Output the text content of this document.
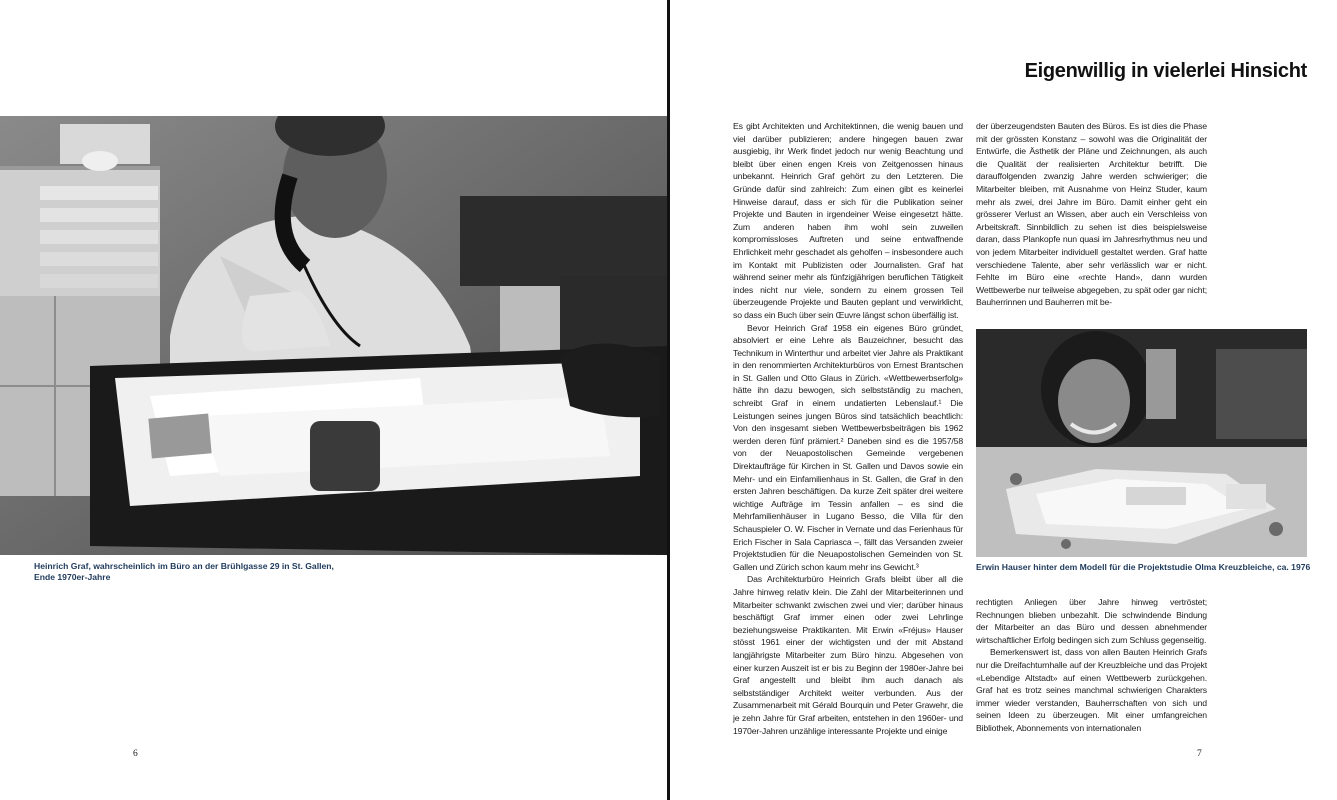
Heinrich Graf, wahrscheinlich im Büro an der Brühlgasse 29 in St. Gallen, Ende 1970er-Jahre
6
Eigenwillig in vielerlei Hinsicht

Es gibt Architekten und Architektinnen, die wenig bauen und viel darüber publizieren; andere hingegen bauen zwar ausgiebig, ihr Werk findet jedoch nur wenig Beachtung und bleibt über einen engen Kreis von Zeitgenossen hinaus unbekannt. Heinrich Graf gehört zu den Letzteren. Die Gründe dafür sind zahlreich: Zum einen gibt es keinerlei Hinweise darauf, dass er sich für die Publikation seiner Projekte und Bauten in irgendeiner Weise eingesetzt hätte. Zum anderen haben ihm wohl sein zuweilen kompromissloses Auftreten und seine entwaffnende Ehrlichkeit mehr geschadet als geholfen – insbesondere auch im Kontakt mit Publizisten oder Journalisten. Graf hat während seiner mehr als fünfzigjährigen beruflichen Tätigkeit indes nicht nur viele, sondern zu einem grossen Teil überzeugende Projekte und Bauten geplant und verwirklicht, so dass ein Buch über sein Œuvre längst schon überfällig ist.

Bevor Heinrich Graf 1958 ein eigenes Büro gründet, absolviert er eine Lehre als Bauzeichner, besucht das Technikum in Winterthur und arbeitet vier Jahre als Praktikant in den renommierten Architekturbüros von Ernest Brantschen in St. Gallen und Otto Glaus in Zürich. «Wettbewerbserfolg» hätte ihn dazu bewogen, sich selbstständig zu machen, schreibt Graf in einem undatierten Lebenslauf.¹ Die Leistungen seines jungen Büros sind tatsächlich beachtlich: Von den insgesamt sieben Wettbewerbsbeiträgen bis 1962 werden deren fünf prämiert.² Daneben sind es die 1957/58 von der Neuapostolischen Gemeinde vergebenen Direktaufträge für Kirchen in St. Gallen und Davos sowie ein Mehr- und ein Einfamilienhaus in St. Gallen, die Graf in den ersten Jahren beschäftigen. Da kurze Zeit später drei weitere wichtige Aufträge im Tessin anfallen – es sind die Mehrfamilienhäuser in Lugano Besso, die Villa für den Schauspieler O. W. Fischer in Vernate und das Ferienhaus für Erich Fischer in Sala Capriasca –, fällt das Versanden zweier Projektstudien für die Neuapostolischen Gemeinden von St. Gallen und Zürich schon kaum mehr ins Gewicht.³

Das Architekturbüro Heinrich Grafs bleibt über all die Jahre hinweg relativ klein. Die Zahl der Mitarbeiterinnen und Mitarbeiter schwankt zwischen zwei und vier; darüber hinaus beschäftigt Graf immer einen oder zwei Lehrlinge beziehungsweise Praktikanten. Mit Erwin «Fréjus» Hauser stösst 1961 einer der wichtigsten und der mit Abstand langjährigste Mitarbeiter zum Büro hinzu. Abgesehen von einer kurzen Auszeit ist er bis zu Beginn der 1980er-Jahre bei Graf angestellt und bleibt ihm auch danach als selbstständiger Architekt weiter verbunden. Aus der Zusammenarbeit mit Gérald Bourquin und Peter Grawehr, die je zehn Jahre für Graf arbeiten, entstehen in den 1960er- und 1970er-Jahren unzählige interessante Projekte und einige

der überzeugendsten Bauten des Büros. Es ist dies die Phase mit der grössten Konstanz – sowohl was die Originalität der Entwürfe, die Ästhetik der Pläne und Zeichnungen, als auch die Qualität der realisierten Architektur betrifft. Die darauffolgenden zwanzig Jahre werden schwieriger; die Mitarbeiter bleiben, mit Ausnahme von Heinz Studer, kaum mehr als zwei, drei Jahre im Büro. Damit einher geht ein grösserer Verlust an Wissen, aber auch ein Verschleiss von Arbeitskraft. Sinnbildlich zu sehen ist dies beispielsweise daran, dass Plankopfe nun quasi im Jahresrhythmus neu und von jedem Mitarbeiter individuell gestaltet werden. Graf hatte verschiedene Talente, aber sehr verlässlich war er nicht. Fehlte im Büro eine «rechte Hand», dann wurden Wettbewerbe nur teilweise abgegeben, zu spät oder gar nicht; Bauherrinnen und Bauherren mit be-

Erwin Hauser hinter dem Modell für die Projektstudie Olma Kreuzbleiche, ca. 1976

rechtigten Anliegen über Jahre hinweg vertröstet; Rechnungen blieben unbezahlt. Die schwindende Bindung der Mitarbeiter an das Büro und dessen abnehmender wirtschaftlicher Erfolg bedingen sich zum Schluss gegenseitig.

Bemerkenswert ist, dass von allen Bauten Heinrich Grafs nur die Dreifachturnhalle auf der Kreuzbleiche und das Projekt «Lebendige Altstadt» auf einen Wettbewerb zurückgehen. Graf hat es trotz seines manchmal schwierigen Charakters immer wieder verstanden, Bauherrschaften von sich und seinen Ideen zu überzeugen. Mit einer umfangreichen Bibliothek, Abonnements von internationalen

7
